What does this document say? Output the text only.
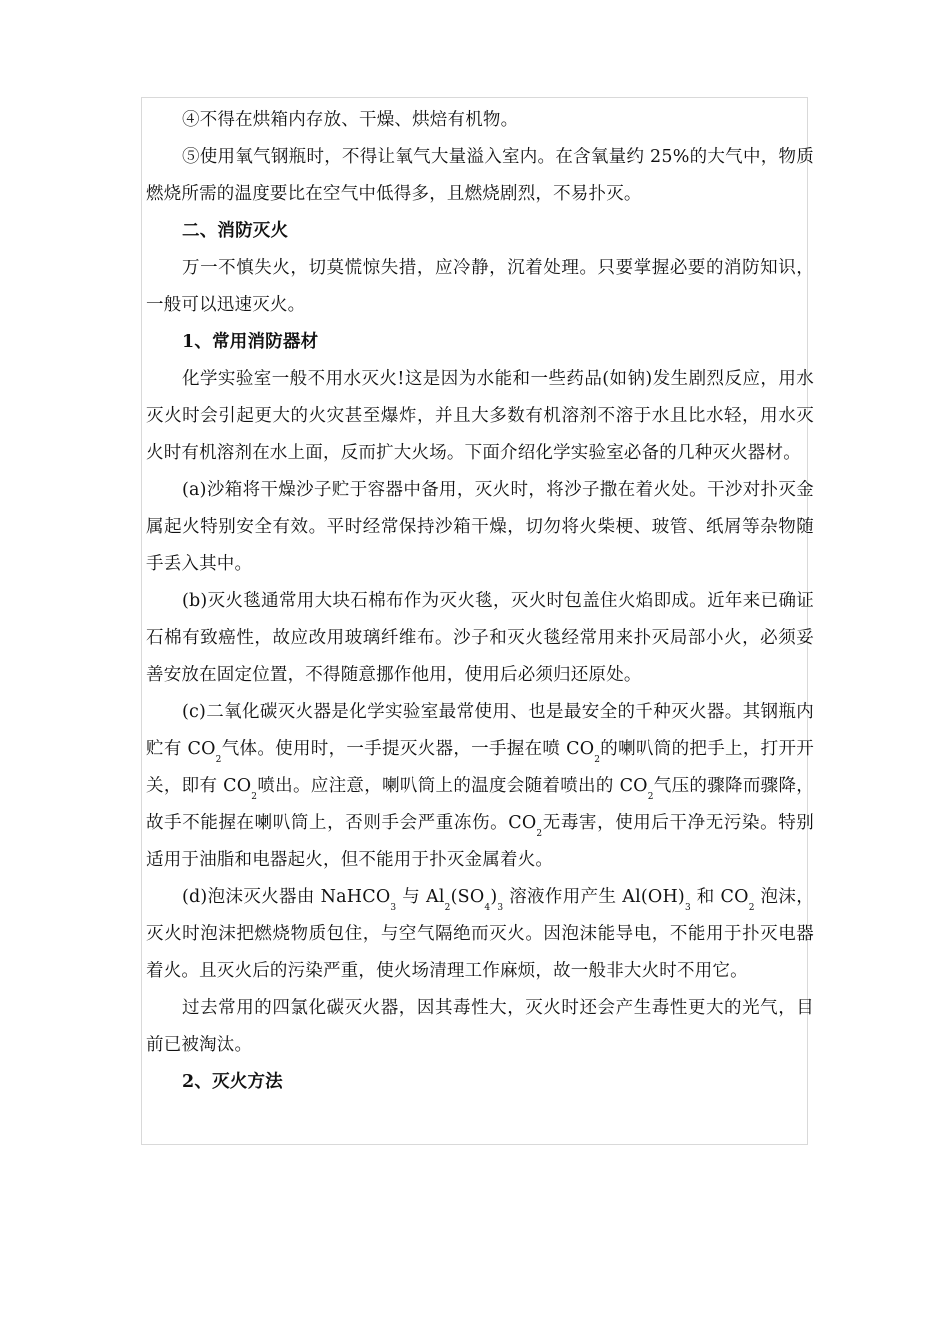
④不得在烘箱内存放、干燥、烘焙有机物。

⑤使用氧气钢瓶时，不得让氧气大量溢入室内。在含氧量约 25%的大气中，物质燃烧所需的温度要比在空气中低得多，且燃烧剧烈，不易扑灭。

二、消防灭火

万一不慎失火，切莫慌惊失措，应冷静，沉着处理。只要掌握必要的消防知识，一般可以迅速灭火。

1、常用消防器材

化学实验室一般不用水灭火!这是因为水能和一些药品(如钠)发生剧烈反应，用水灭火时会引起更大的火灾甚至爆炸，并且大多数有机溶剂不溶于水且比水轻，用水灭火时有机溶剂在水上面，反而扩大火场。下面介绍化学实验室必备的几种灭火器材。

(a)沙箱将干燥沙子贮于容器中备用，灭火时，将沙子撒在着火处。干沙对扑灭金属起火特别安全有效。平时经常保持沙箱干燥，切勿将火柴梗、玻管、纸屑等杂物随手丢入其中。

(b)灭火毯通常用大块石棉布作为灭火毯，灭火时包盖住火焰即成。近年来已确证石棉有致癌性，故应改用玻璃纤维布。沙子和灭火毯经常用来扑灭局部小火，必须妥善安放在固定位置，不得随意挪作他用，使用后必须归还原处。

(c)二氧化碳灭火器是化学实验室最常使用、也是最安全的千种灭火器。其钢瓶内贮有 $CO_2$气体。使用时，一手提灭火器，一手握在喷 $CO_2$的喇叭筒的把手上，打开开关，即有 $CO_2$喷出。应注意，喇叭筒上的温度会随着喷出的 $CO_2$气压的骤降而骤降，故手不能握在喇叭筒上，否则手会严重冻伤。$CO_2$无毒害，使用后干净无污染。特别适用于油脂和电器起火，但不能用于扑灭金属着火。

(d)泡沫灭火器由 NaHCO$_3$ 与 $Al_2(SO_4)_3$ 溶液作用产生 $Al(OH)_3$ 和 $CO_2$ 泡沫，灭火时泡沫把燃烧物质包住，与空气隔绝而灭火。因泡沫能导电，不能用于扑灭电器着火。且灭火后的污染严重，使火场清理工作麻烦，故一般非大火时不用它。

过去常用的四氯化碳灭火器，因其毒性大，灭火时还会产生毒性更大的光气，目前已被淘汰。

2、灭火方法
